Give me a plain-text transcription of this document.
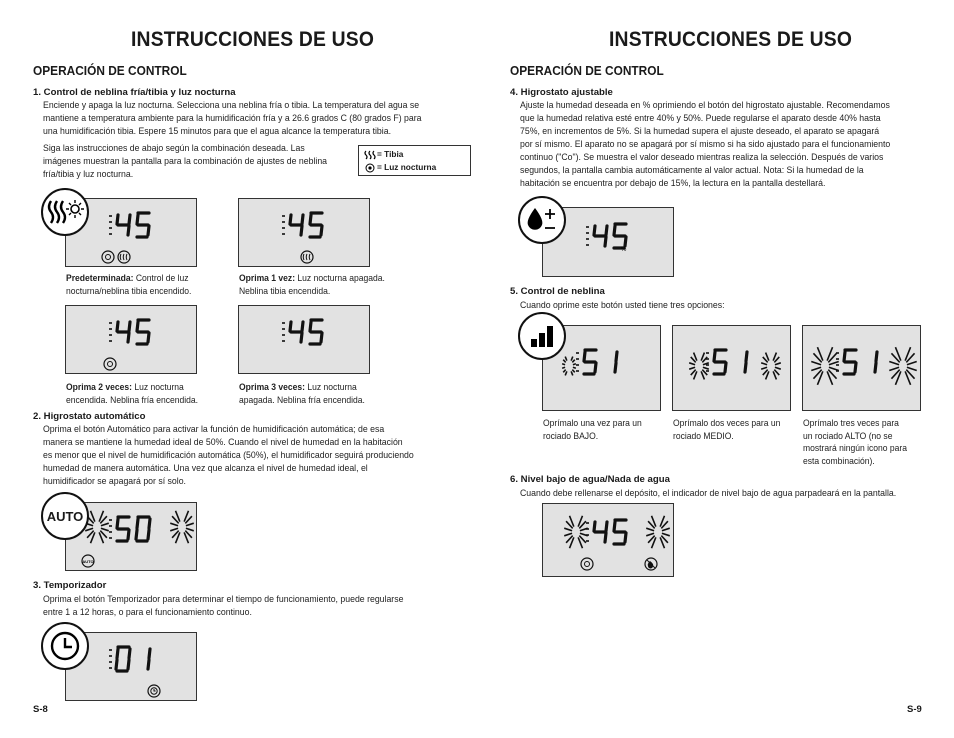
INSTRUCCIONES DE USO
OPERACIÓN DE CONTROL
1. Control de neblina fría/tibia y luz nocturna
Enciende y apaga la luz nocturna. Selecciona una neblina fría o tibia. La temperatura del agua se
mantiene a temperatura ambiente para la humidificación fría y a 26.6 grados C (80 grados F) para
una humidificación tibia. Espere 15 minutos para que el agua alcance la temperatura tibia.
Siga las instrucciones de abajo según la combinación deseada. Las
imágenes muestran la pantalla para la combinación de ajustes de neblina
fría/tibia y luz nocturna.
= Tibia
= Luz nocturna
Predeterminada: Control de luz
nocturna/neblina tibia encendido.
Oprima 1 vez: Luz nocturna apagada.
Neblina tibia encendida.
Oprima 2 veces: Luz nocturna
encendida. Neblina fría encendida.
Oprima 3 veces: Luz nocturna
apagada. Neblina fría encendida.
2. Higrostato automático
Oprima el botón Automático para activar la función de humidificación automática; de esa
manera se mantiene la humedad ideal de 50%. Cuando el nivel de humedad en la habitación
es menor que el nivel de humidificación automática (50%), el humidificador seguirá produciendo
humedad de manera automática. Una vez que alcanza el nivel de humedad ideal, el
humidificador se apagará por sí solo.
AUTO
AUTO
3. Temporizador
Oprima el botón Temporizador para determinar el tiempo de funcionamiento, puede regularse
entre 1 a 12 horas, o para el funcionamiento continuo.
S-8
INSTRUCCIONES DE USO
OPERACIÓN DE CONTROL
4. Higrostato ajustable
Ajuste la humedad deseada en % oprimiendo el botón del higrostato ajustable. Recomendamos
que la humedad relativa esté entre 40% y 50%. Puede regularse el aparato desde 40% hasta
75%, en incrementos de 5%. Si la humedad supera el ajuste deseado, el aparato se apagará
por sí mismo. El aparato no se apagará por sí mismo si ha sido ajustado para el funcionamiento
continuo ("Co"). Se muestra el valor deseado mientras realiza la selección. Después de varios
segundos, la pantalla cambia automáticamente al valor actual. Nota: Si la humedad de la
habitación se encuentra por debajo de 15%, la lectura en la pantalla destellará.
%
5. Control de neblina
Cuando oprime este botón usted tiene tres opciones:
Oprímalo una vez para un
rociado BAJO.
Oprímalo dos veces para un
rociado MEDIO.
Oprímalo tres veces para
un rociado ALTO (no se
mostrará ningún icono para
esta combinación).
6. Nivel bajo de agua/Nada de agua
Cuando debe rellenarse el depósito, el indicador de nivel bajo de agua parpadeará en la pantalla.
S-9
